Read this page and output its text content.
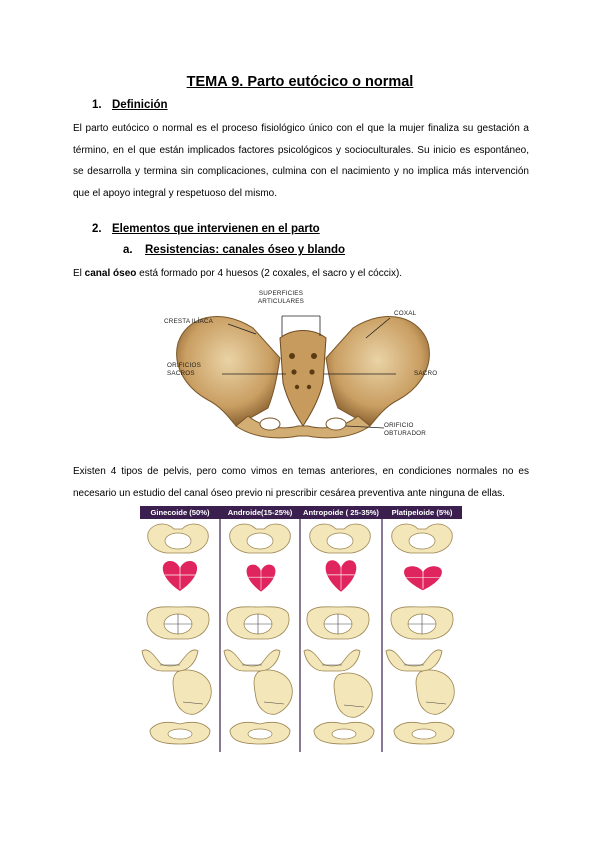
TEMA 9. Parto eutócico o normal
1. Definición
El parto eutócico o normal es el proceso fisiológico único con el que la mujer finaliza su gestación a
término, en el que están implicados factores psicológicos y socioculturales. Su inicio es espontáneo,
se desarrolla y termina sin complicaciones, culmina con el nacimiento y no implica más intervención
que el apoyo integral y respetuoso del mismo.
2. Elementos que intervienen en el parto
a. Resistencias: canales óseo y blando
El canal óseo está formado por 4 huesos (2 coxales, el sacro y el cóccix).
SUPERFICIES
ARTICULARES
CRESTA ILÍACA
COXAL
ORIFICIOS
SACROS	SACRO
ORIFICIO
OBTURADOR
Existen 4 tipos de pelvis, pero como vimos en temas anteriores, en condiciones normales no es
necesario un estudio del canal óseo previo ni prescribir cesárea preventiva ante ninguna de ellas.
Ginecoide (50%)	Androide(15-25%)	Antropoide ( 25-35%)	Platipeloide (5%)
